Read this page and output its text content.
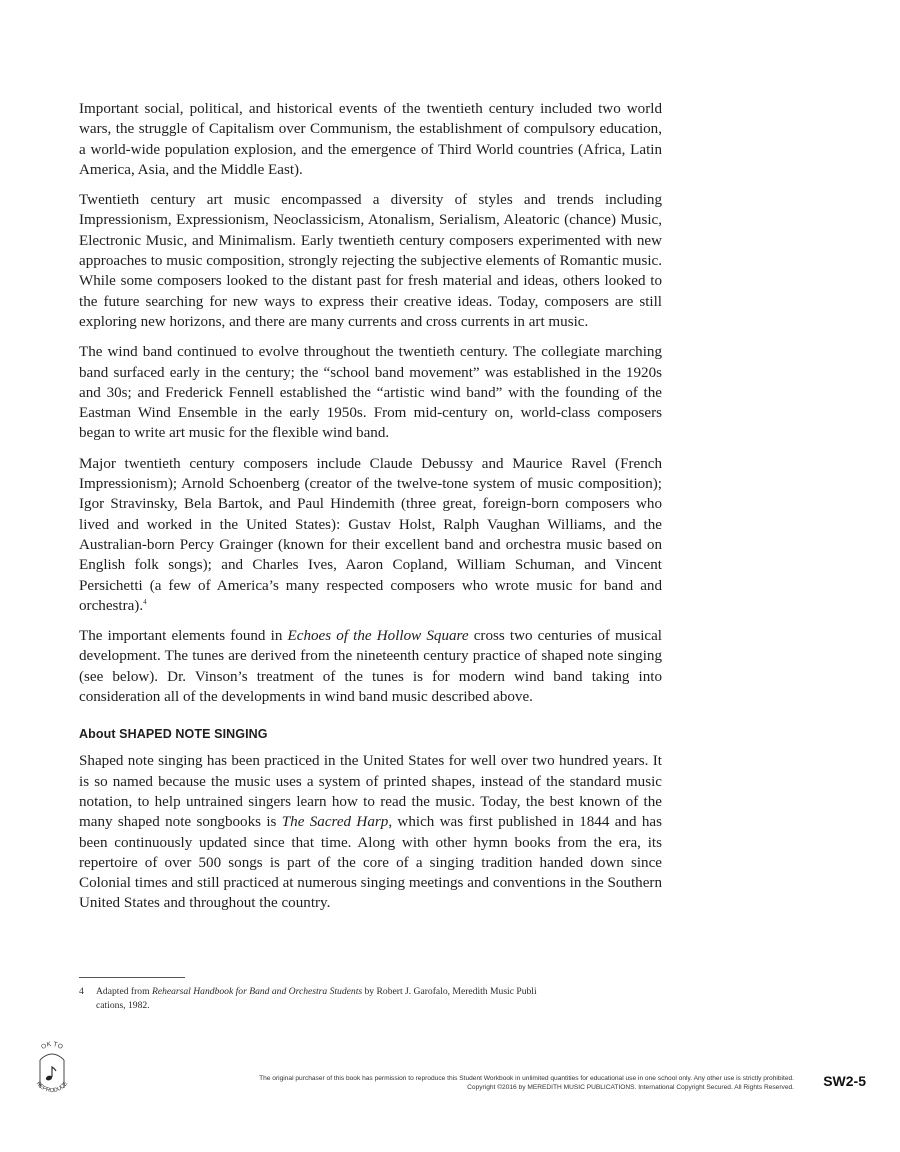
Important social, political, and historical events of the twentieth century included two world wars, the struggle of Capitalism over Communism, the establishment of compulsory education, a world-wide population explosion, and the emergence of Third World countries (Africa, Latin America, Asia, and the Middle East).

Twentieth century art music encompassed a diversity of styles and trends including Impressionism, Expressionism, Neoclassicism, Atonalism, Serialism, Aleatoric (chance) Music, Electronic Music, and Minimalism. Early twentieth century composers experimented with new approaches to music composition, strongly rejecting the subjective elements of Romantic music. While some composers looked to the distant past for fresh material and ideas, others looked to the future searching for new ways to express their creative ideas. Today, composers are still exploring new horizons, and there are many currents and cross currents in art music.

The wind band continued to evolve throughout the twentieth century. The collegiate marching band surfaced early in the century; the “school band movement” was established in the 1920s and 30s; and Frederick Fennell established the “artistic wind band” with the founding of the Eastman Wind Ensemble in the early 1950s. From mid-century on, world-class composers began to write art music for the flexible wind band.

Major twentieth century composers include Claude Debussy and Maurice Ravel (French Impressionism); Arnold Schoenberg (creator of the twelve-tone system of music composition); Igor Stravinsky, Bela Bartok, and Paul Hindemith (three great, foreign-born composers who lived and worked in the United States): Gustav Holst, Ralph Vaughan Williams, and the Australian-born Percy Grainger (known for their excellent band and orchestra music based on English folk songs); and Charles Ives, Aaron Copland, William Schuman, and Vincent Persichetti (a few of America’s many respected composers who wrote music for band and orchestra).$^4$

The important elements found in Echoes of the Hollow Square cross two centuries of musical development. The tunes are derived from the nineteenth century practice of shaped note singing (see below). Dr. Vinson’s treatment of the tunes is for modern wind band taking into consideration all of the developments in wind band music described above.

About SHAPED NOTE SINGING

Shaped note singing has been practiced in the United States for well over two hundred years. It is so named because the music uses a system of printed shapes, instead of the standard music notation, to help untrained singers learn how to read the music. Today, the best known of the many shaped note songbooks is The Sacred Harp, which was first published in 1844 and has been continuously updated since that time. Along with other hymn books from the era, its repertoire of over 500 songs is part of the core of a singing tradition handed down since Colonial times and still practiced at numerous singing meetings and conventions in the Southern United States and throughout the country.

4 Adapted from Rehearsal Handbook for Band and Orchestra Students by Robert J. Garofalo, Meredith Music Publi
cations, 1982.
OK TO
REPRODUCE
The original purchaser of this book has permission to reproduce this Student Workbook in unlimited quantities for educational use in one school only. Any other use is strictly prohibited.
Copyright ©2016 by MEREDITH MUSIC PUBLICATIONS. International Copyright Secured. All Rights Reserved.	SW2-5
